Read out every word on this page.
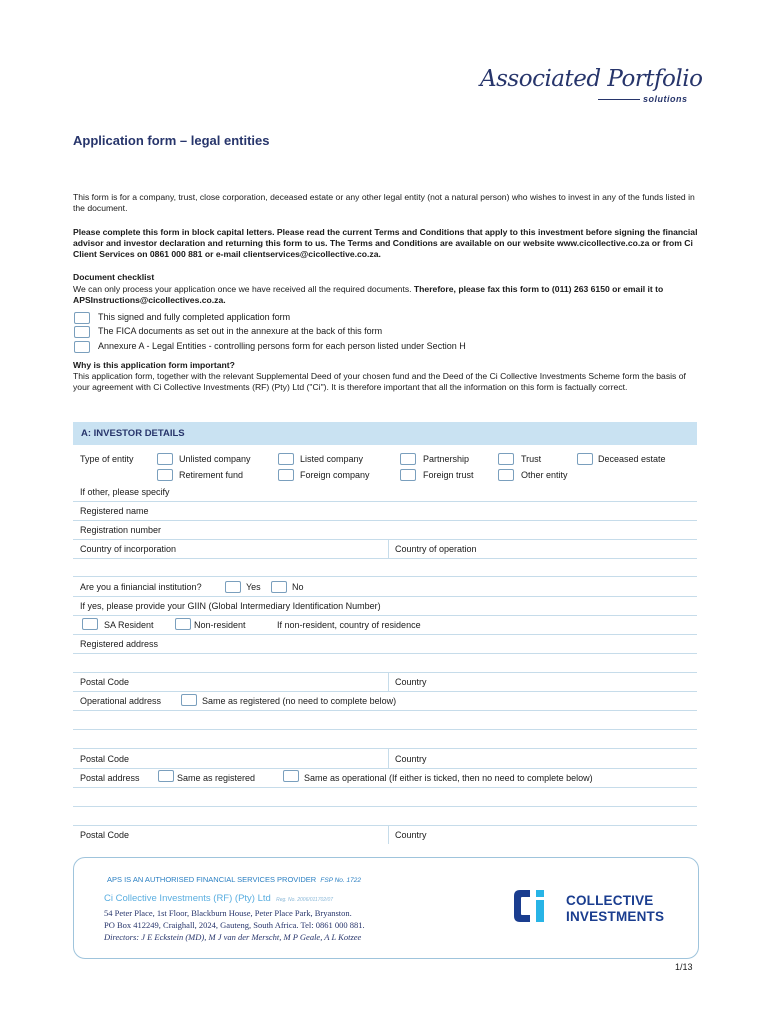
Associated Portfolio
solutions
Application form – legal entities
This form is for a company, trust, close corporation, deceased estate or any other legal entity (not a natural person) who wishes to invest in any of the funds listed in the document.
Please complete this form in block capital letters. Please read the current Terms and Conditions that apply to this investment before signing the financial advisor and investor declaration and returning this form to us. The Terms and Conditions are available on our website www.cicollective.co.za or from Ci Client Services on 0861 000 881 or e-mail clientservices@cicollective.co.za.
Document checklist
We can only process your application once we have received all the required documents. Therefore, please fax this form to (011) 263 6150 or email it to APSInstructions@cicollectives.co.za.
This signed and fully completed application form
The FICA documents as set out in the annexure at the back of this form
Annexure A - Legal Entities - controlling persons form for each person listed under Section H
Why is this application form important?
This application form, together with the relevant Supplemental Deed of your chosen fund and the Deed of the Ci Collective Investments Scheme form the basis of your agreement with Ci Collective Investments (RF) (Pty) Ltd ("Ci"). It is therefore important that all the information on this form is factually correct.
A: INVESTOR DETAILS
Type of entity	Unlisted company	Listed company	Partnership	Trust	Deceased estate
Retirement fund	Foreign company	Foreign trust	Other entity
If other, please specify
Registered name
Registration number
Country of incorporation	Country of operation
Are you a finiancial institution?	Yes	No
If yes, please provide your GIIN (Global Intermediary Identification Number)
SA Resident	Non-resident	If non-resident, country of residence
Registered address
Postal Code	Country
Operational address	Same as registered (no need to complete below)
Postal Code	Country
Postal address	Same as registered	Same as operational (If either is ticked, then no need to complete below)
Postal Code	Country
APS IS AN AUTHORISED FINANCIAL SERVICES PROVIDER FSP No. 1722
Ci Collective Investments (RF) (Pty) Ltd Reg. No. 2006/011702/07
54 Peter Place, 1st Floor, Blackburn House, Peter Place Park, Bryanston.
PO Box 412249, Craighall, 2024, Gauteng, South Africa. Tel: 0861 000 881.
Directors: J E Eckstein (MD), M J van der Merscht, M P Geale, A L Kotzee
COLLECTIVE
INVESTMENTS
1/13
